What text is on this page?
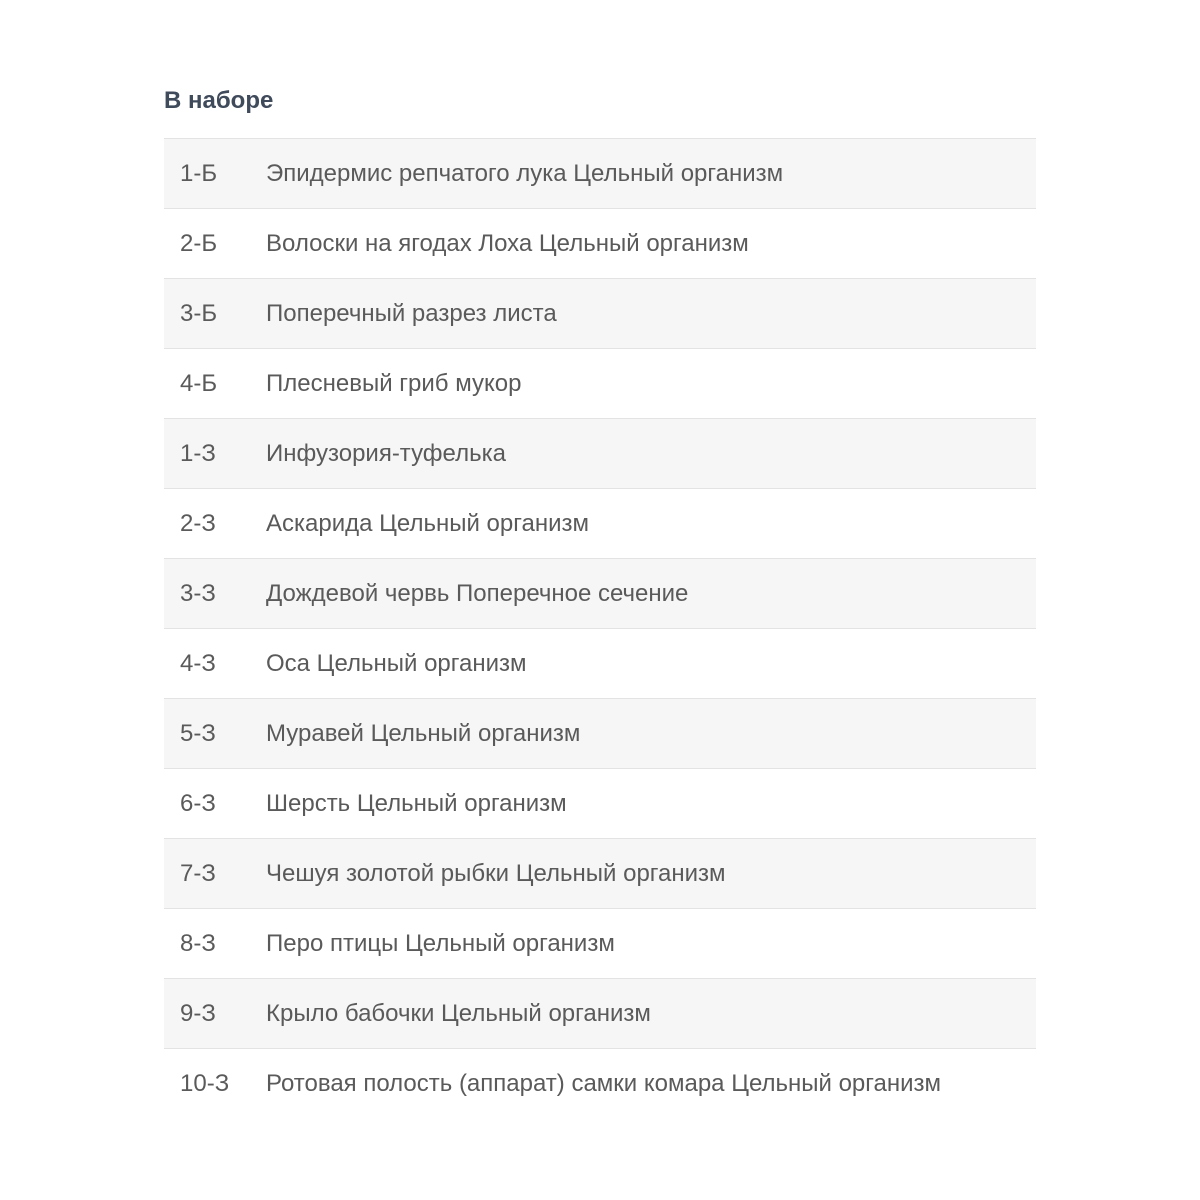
В наборе
1-Б	Эпидермис репчатого лука Цельный организм
2-Б	Волоски на ягодах Лоха Цельный организм
3-Б	Поперечный разрез листа
4-Б	Плесневый гриб мукор
1-З	Инфузория-туфелька
2-З	Аскарида Цельный организм
3-З	Дождевой червь Поперечное сечение
4-З	Оса Цельный организм
5-З	Муравей Цельный организм
6-З	Шерсть Цельный организм
7-З	Чешуя золотой рыбки Цельный организм
8-З	Перо птицы Цельный организм
9-З	Крыло бабочки Цельный организм
10-З	Ротовая полость (аппарат) самки комара Цельный организм
